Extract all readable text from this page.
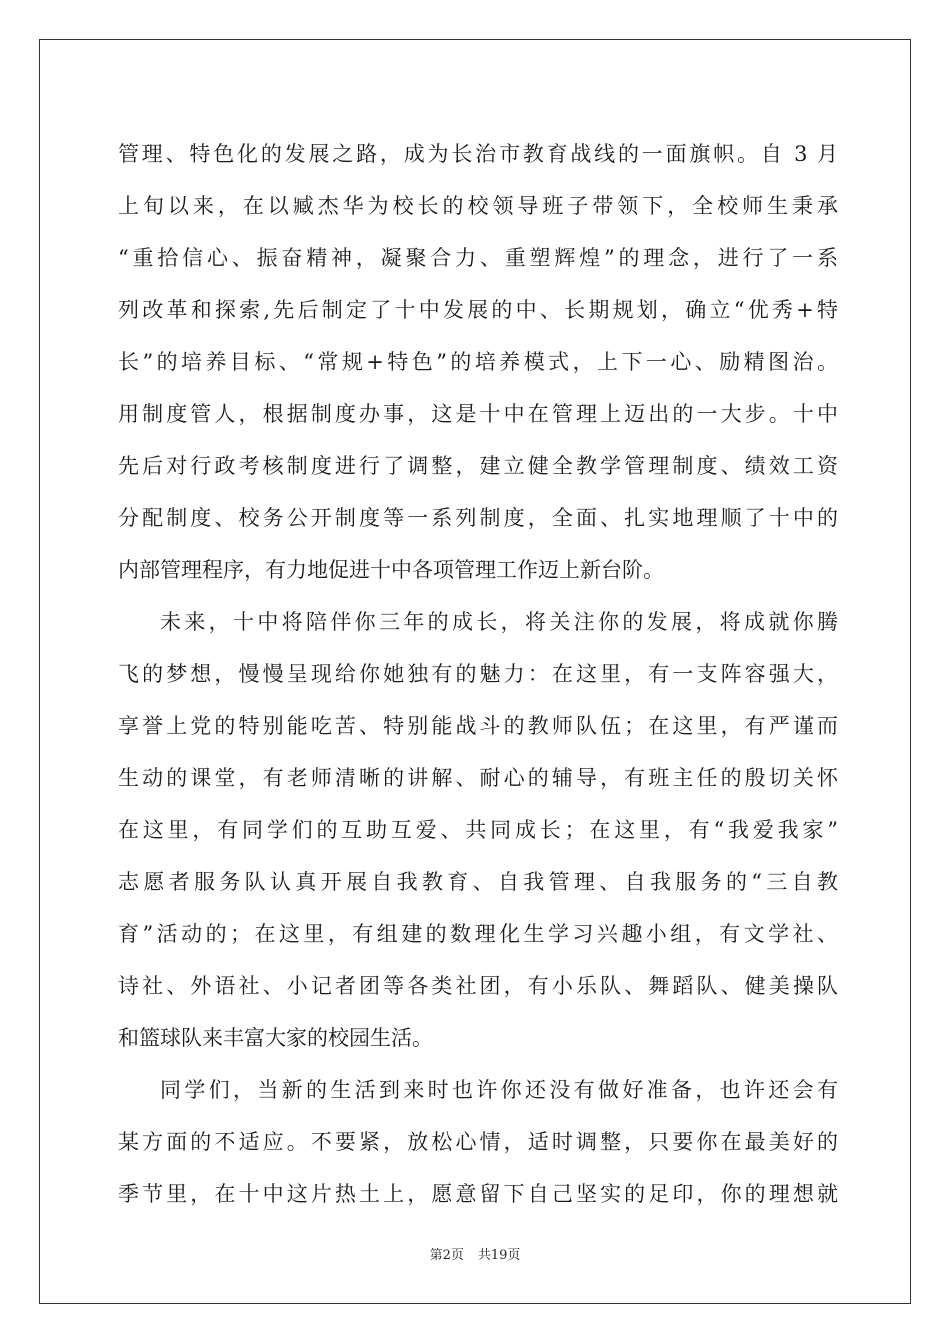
管理、特色化的发展之路，成为长治市教育战线的一面旗帜。自 3 月
上旬以来，在以臧杰华为校长的校领导班子带领下，全校师生秉承
“重拾信心、振奋精神，凝聚合力、重塑辉煌”的理念，进行了一系
列改革和探索,先后制定了十中发展的中、长期规划，确立“优秀+特
长”的培养目标、“常规+特色”的培养模式，上下一心、励精图治。
用制度管人，根据制度办事，这是十中在管理上迈出的一大步。十中
先后对行政考核制度进行了调整，建立健全教学管理制度、绩效工资
分配制度、校务公开制度等一系列制度，全面、扎实地理顺了十中的
内部管理程序，有力地促进十中各项管理工作迈上新台阶。
未来，十中将陪伴你三年的成长，将关注你的发展，将成就你腾
飞的梦想，慢慢呈现给你她独有的魅力：在这里，有一支阵容强大，
享誉上党的特别能吃苦、特别能战斗的教师队伍；在这里，有严谨而
生动的课堂，有老师清晰的讲解、耐心的辅导，有班主任的殷切关怀
在这里，有同学们的互助互爱、共同成长；在这里，有“我爱我家”
志愿者服务队认真开展自我教育、自我管理、自我服务的“三自教
育”活动的；在这里，有组建的数理化生学习兴趣小组，有文学社、
诗社、外语社、小记者团等各类社团，有小乐队、舞蹈队、健美操队
和篮球队来丰富大家的校园生活。
同学们，当新的生活到来时也许你还没有做好准备，也许还会有
某方面的不适应。不要紧，放松心情，适时调整，只要你在最美好的
季节里，在十中这片热土上，愿意留下自己坚实的足印，你的理想就
第2页 共19页
